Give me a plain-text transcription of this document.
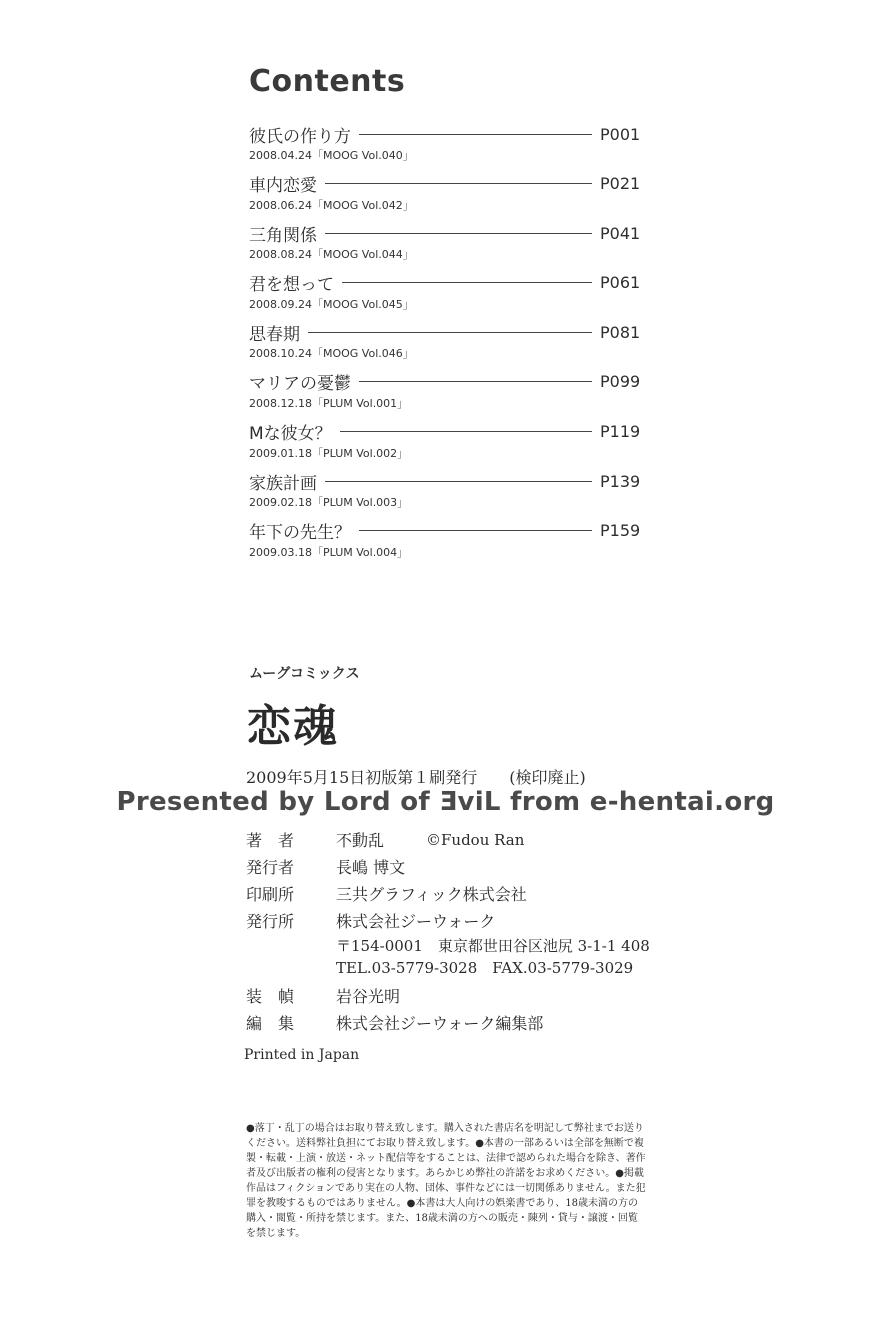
Contents
彼氏の作り方	P001
2008.04.24「MOOG Vol.040」
車内恋愛	P021
2008.06.24「MOOG Vol.042」
三角関係	P041
2008.08.24「MOOG Vol.044」
君を想って	P061
2008.09.24「MOOG Vol.045」
思春期	P081
2008.10.24「MOOG Vol.046」
マリアの憂鬱	P099
2008.12.18「PLUM Vol.001」
Mな彼女？	P119
2009.01.18「PLUM Vol.002」
家族計画	P139
2009.02.18「PLUM Vol.003」
年下の先生？	P159
2009.03.18「PLUM Vol.004」
ムーグコミックス
恋魂
2009年5月15日初版第１刷発行　　(検印廃止)
Presented by Lord of ƎviL from e-hentai.org
著　者	不動乱	©Fudou Ran
発行者	長嶋 博文
印刷所	三共グラフィック株式会社
発行所	株式会社ジーウォーク
〒154-0001　東京都世田谷区池尻 3-1-1 408
TEL.03-5779-3028　FAX.03-5779-3029
装　幀	岩谷光明
編　集	株式会社ジーウォーク編集部
Printed in Japan
●落丁・乱丁の場合はお取り替え致します。購入された書店名を明記して弊社までお送りください。送料弊社負担にてお取り替え致します。●本書の一部あるいは全部を無断で複製・転載・上演・放送・ネット配信等をすることは、法律で認められた場合を除き、著作者及び出版者の権利の侵害となります。あらかじめ弊社の許諾をお求めください。●掲載作品はフィクションであり実在の人物、団体、事件などには一切関係ありません。また犯罪を教唆するものではありません。●本書は大人向けの娯楽書であり、18歳未満の方の購入・閲覧・所持を禁じます。また、18歳未満の方への販売・陳列・貸与・譲渡・回覧を禁じます。
